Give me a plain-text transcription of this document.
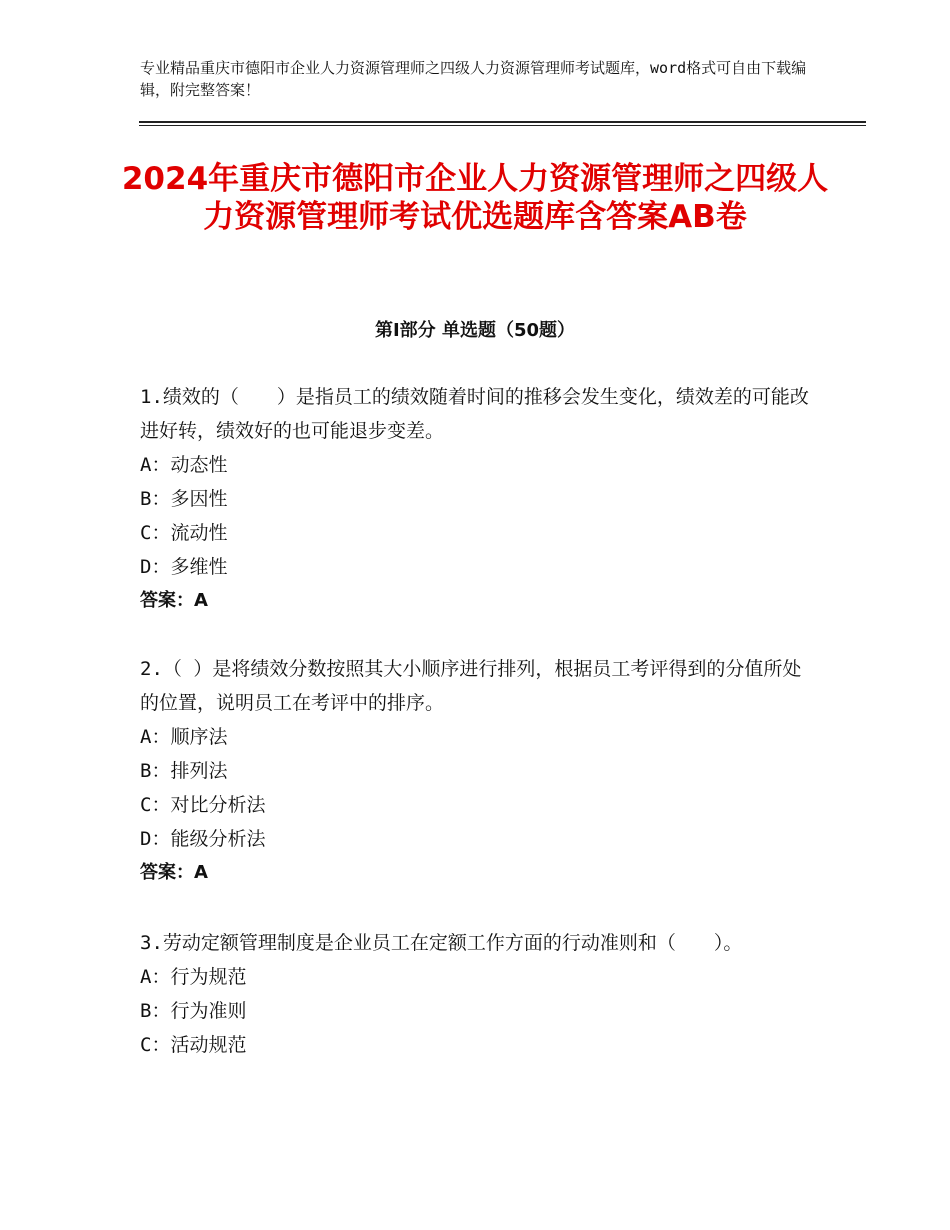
专业精品重庆市德阳市企业人力资源管理师之四级人力资源管理师考试题库，word格式可自由下载编辑，附完整答案！
2024年重庆市德阳市企业人力资源管理师之四级人力资源管理师考试优选题库含答案AB卷
第Ⅰ部分 单选题（50题）

1.绩效的（　　）是指员工的绩效随着时间的推移会发生变化，绩效差的可能改进好转，绩效好的也可能退步变差。

A：动态性

B：多因性

C：流动性

D：多维性

答案：A

2.（ ）是将绩效分数按照其大小顺序进行排列，根据员工考评得到的分值所处的位置，说明员工在考评中的排序。

A：顺序法

B：排列法

C：对比分析法

D：能级分析法

答案：A

3.劳动定额管理制度是企业员工在定额工作方面的行动准则和（　　）。

A：行为规范

B：行为准则

C：活动规范
